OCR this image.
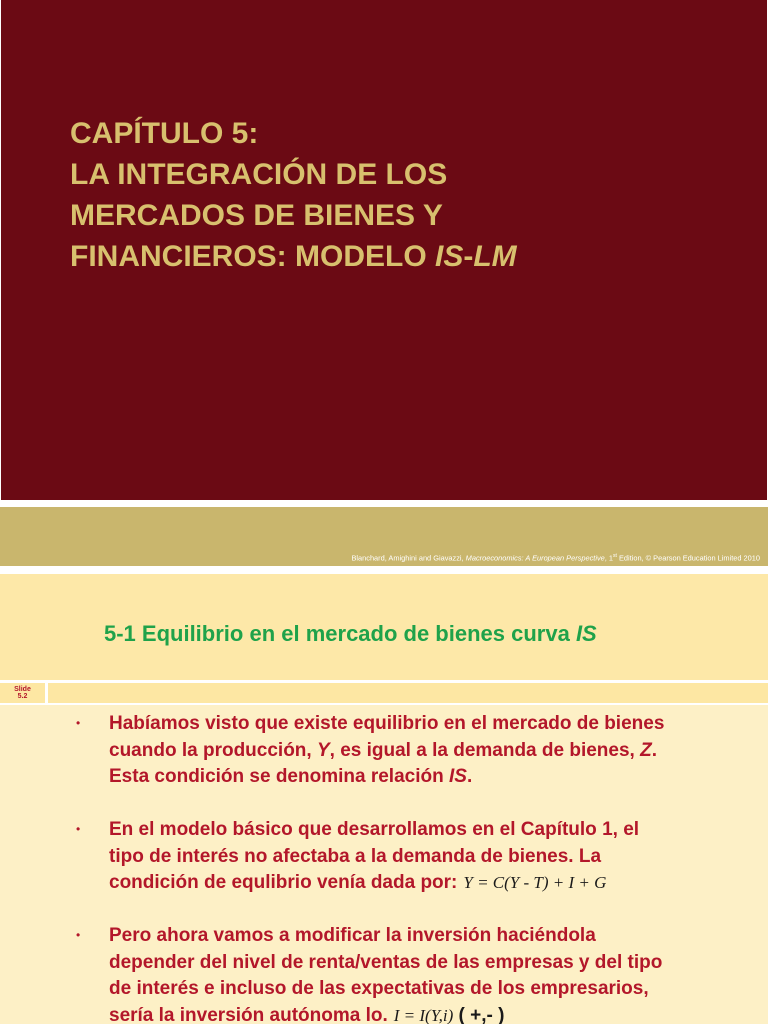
CAPÍTULO 5:
LA INTEGRACIÓN DE LOS
MERCADOS DE BIENES Y
FINANCIEROS: MODELO IS-LM
Blanchard, Amighini and Giavazzi, Macroeconomics: A European Perspective, 1st Edition, © Pearson Education Limited 2010
5-1 Equilibrio en el mercado de bienes curva IS
Slide
5.2
• Habíamos visto que existe equilibrio en el mercado de bienes
cuando la producción, Y, es igual a la demanda de bienes, Z.
Esta condición se denomina relación IS.
• En el modelo básico que desarrollamos en el Capítulo 1, el
tipo de interés no afectaba a la demanda de bienes. La
condición de equlibrio venía dada por: Y = C(Y - T) + I + G
• Pero ahora vamos a modificar la inversión haciéndola
depender del nivel de renta/ventas de las empresas y del tipo
de interés e incluso de las expectativas de los empresarios,
sería la inversión autónoma lo. I = I(Y,i) ( +,- )
